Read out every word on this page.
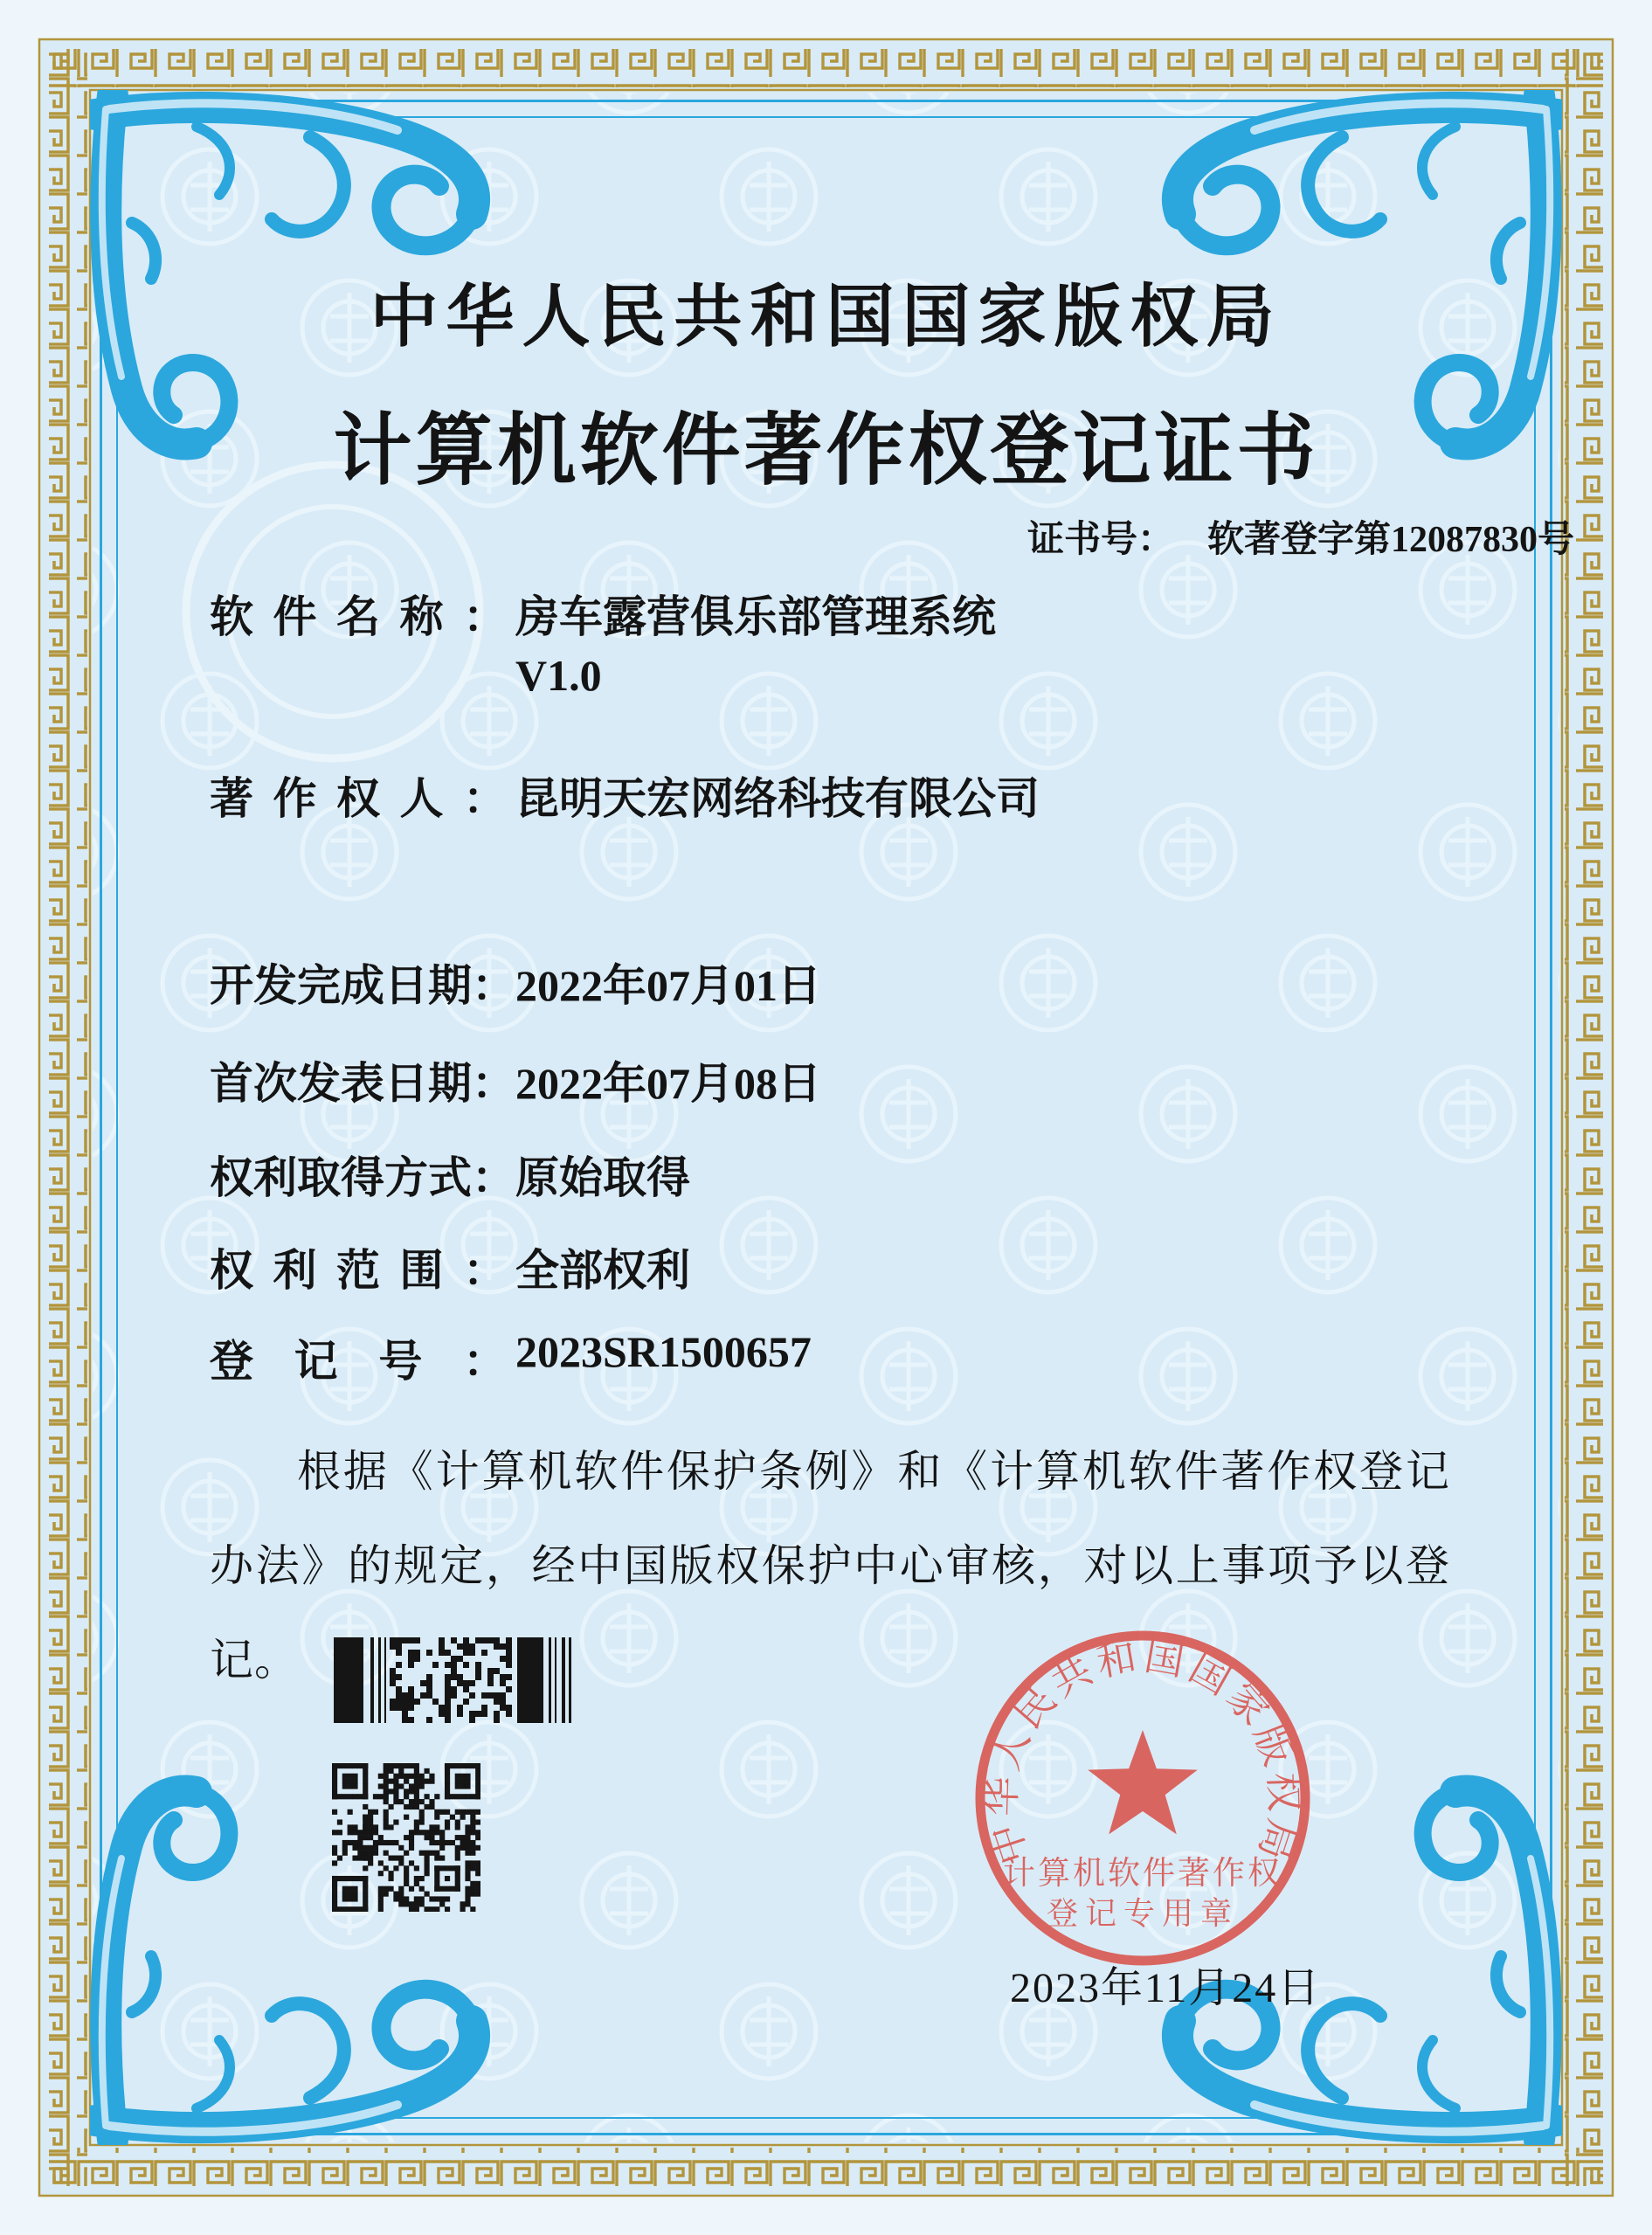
中华人民共和国国家版权局
计算机软件著作权登记证书
证书号： 软著登字第12087830号
软件名称： 房车露营俱乐部管理系统
V1.0
著作权人： 昆明天宏网络科技有限公司
开发完成日期： 2022年07月01日
首次发表日期： 2022年07月08日
权利取得方式： 原始取得
权利范围： 全部权利
登记号： 2023SR1500657

根据《计算机软件保护条例》和《计算机软件著作权登记办法》的规定，经中国版权保护中心审核，对以上事项予以登记。

2023年11月24日
中华人民共和国国家版权局
计算机软件著作权
登记专用章
